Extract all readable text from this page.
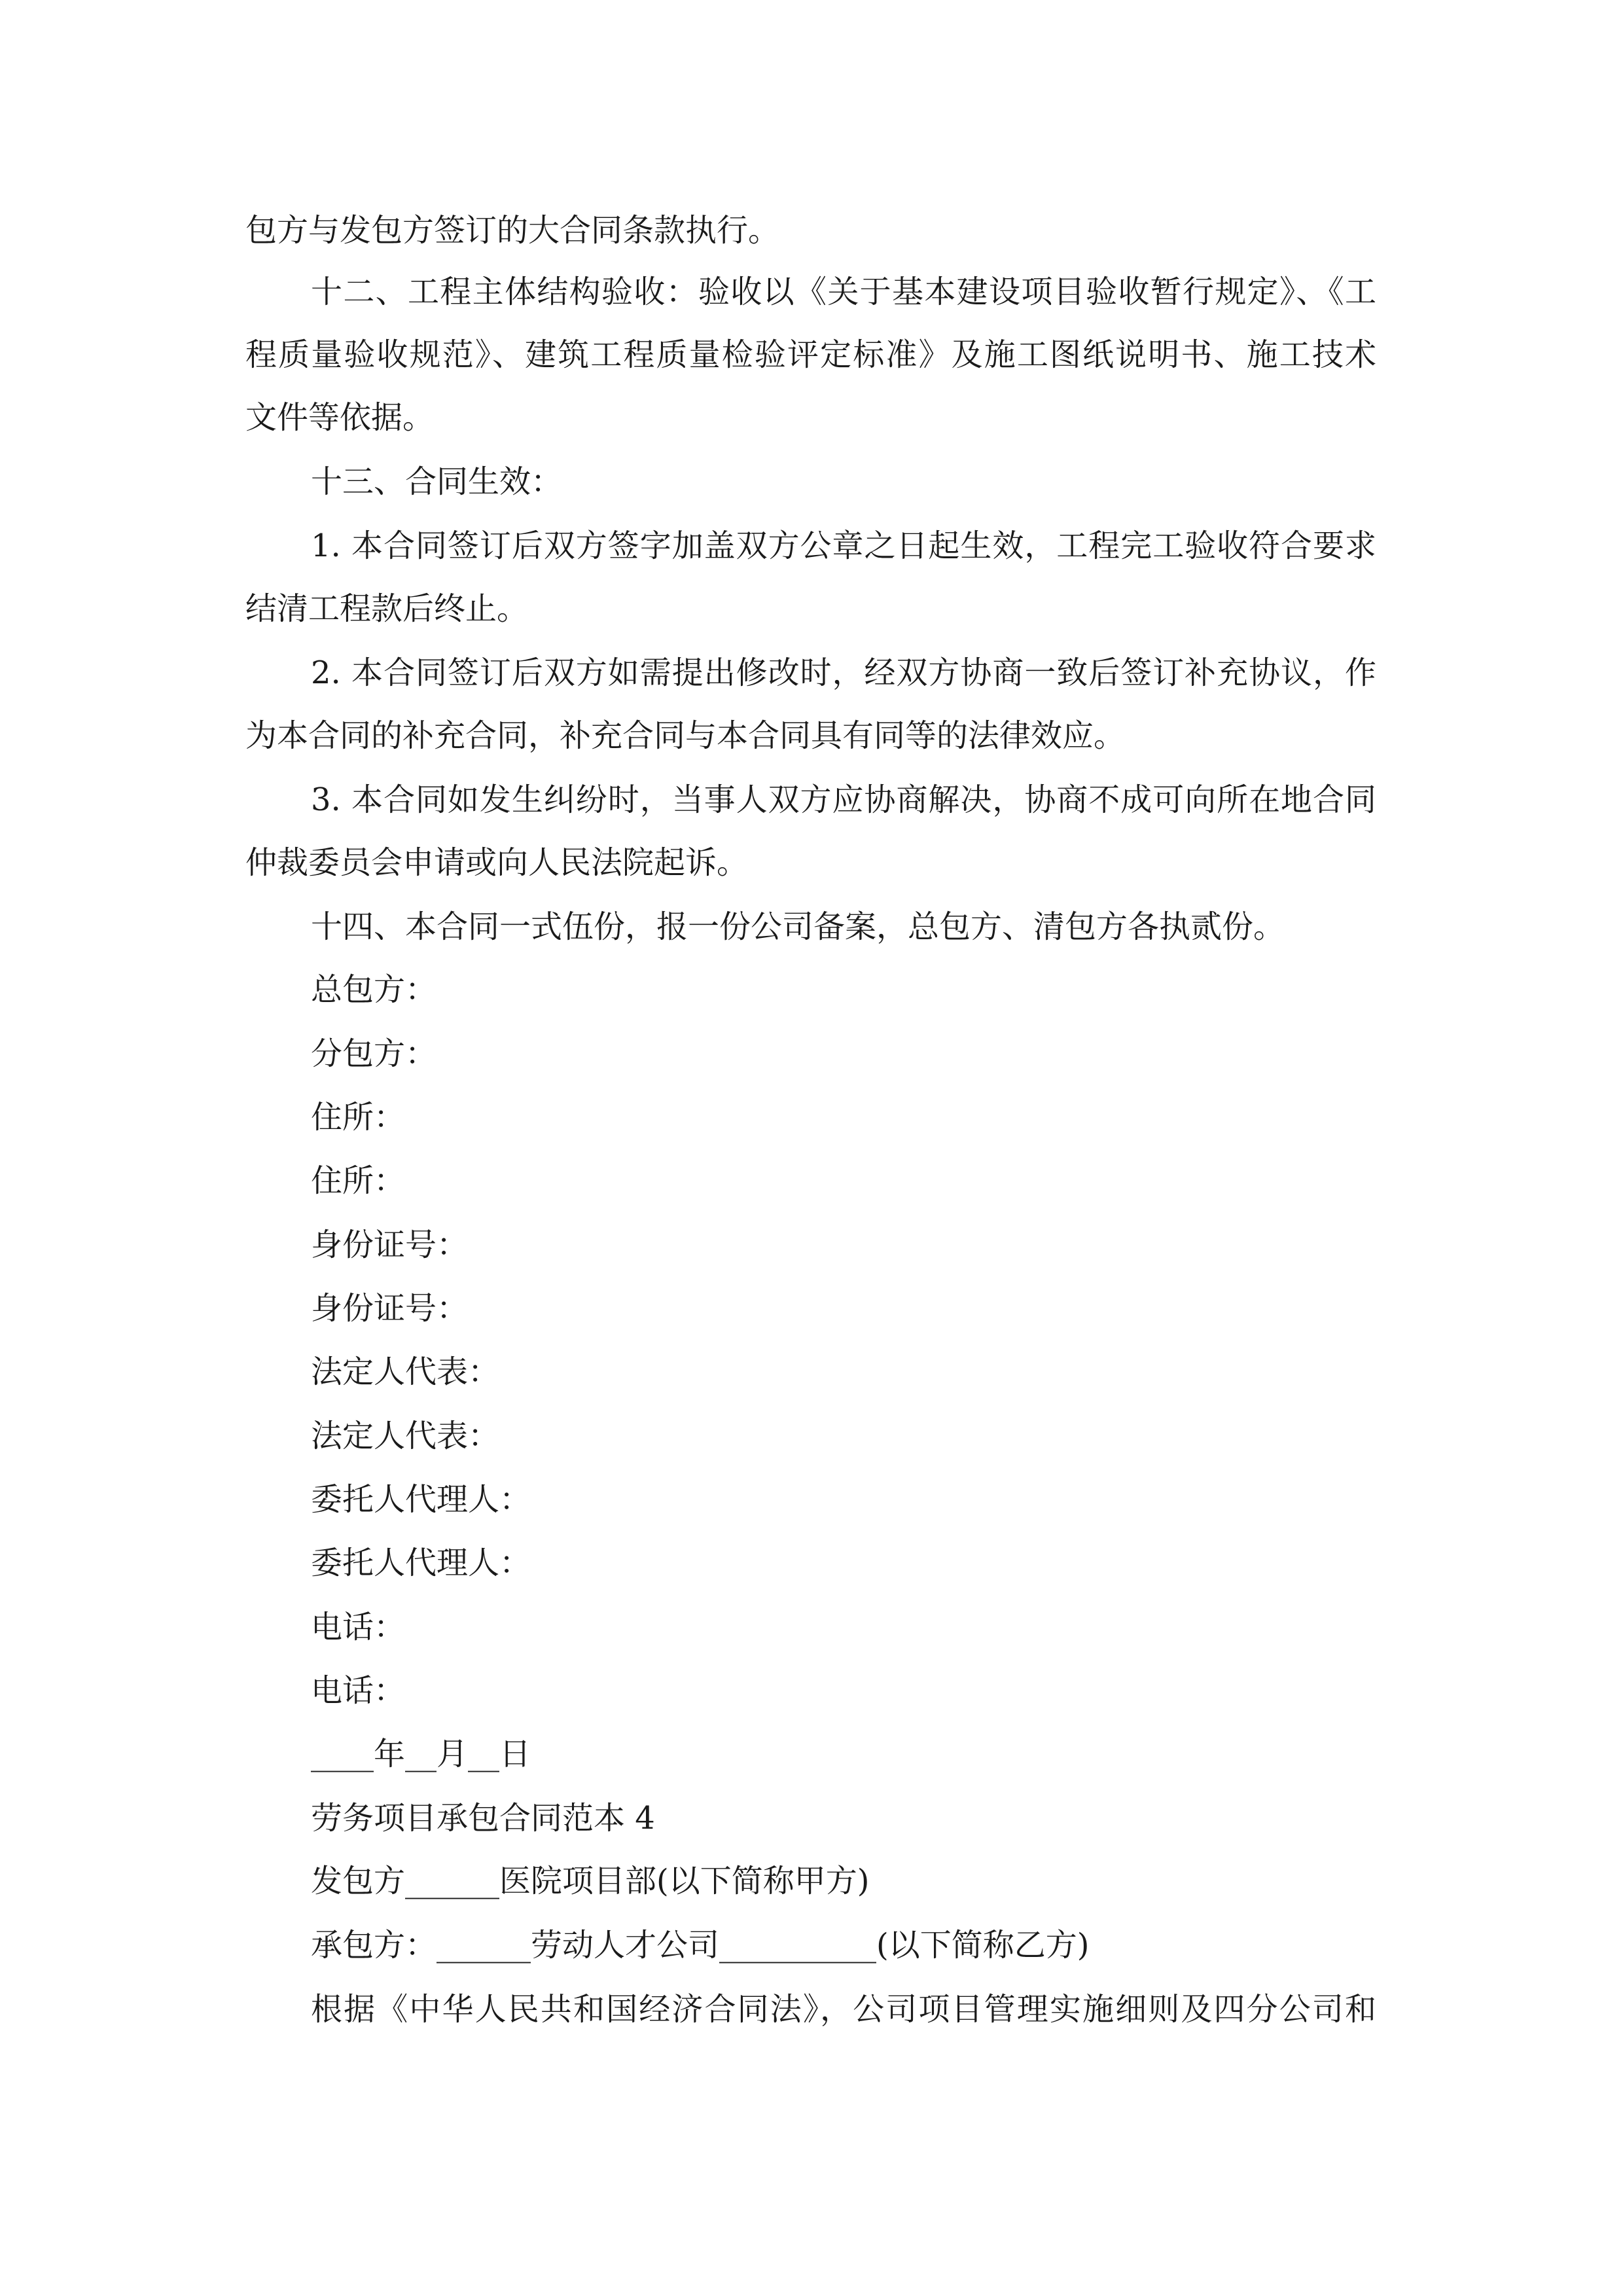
包方与发包方签订的大合同条款执行。
十二、工程主体结构验收：验收以《关于基本建设项目验收暂行规定》、《工
程质量验收规范》、建筑工程质量检验评定标准》及施工图纸说明书、施工技术
文件等依据。
十三、合同生效：
1. 本合同签订后双方签字加盖双方公章之日起生效，工程完工验收符合要求
结清工程款后终止。
2. 本合同签订后双方如需提出修改时，经双方协商一致后签订补充协议，作
为本合同的补充合同，补充合同与本合同具有同等的法律效应。
3. 本合同如发生纠纷时，当事人双方应协商解决，协商不成可向所在地合同
仲裁委员会申请或向人民法院起诉。
十四、本合同一式伍份，报一份公司备案，总包方、清包方各执贰份。
总包方：
分包方：
住所：
住所：
身份证号：
身份证号：
法定人代表：
法定人代表：
委托人代理人：
委托人代理人：
电话：
电话：
____年__月__日
劳务项目承包合同范本 4
发包方______医院项目部(以下简称甲方)
承包方：______劳动人才公司__________(以下简称乙方)
根据《中华人民共和国经济合同法》，公司项目管理实施细则及四分公司和
